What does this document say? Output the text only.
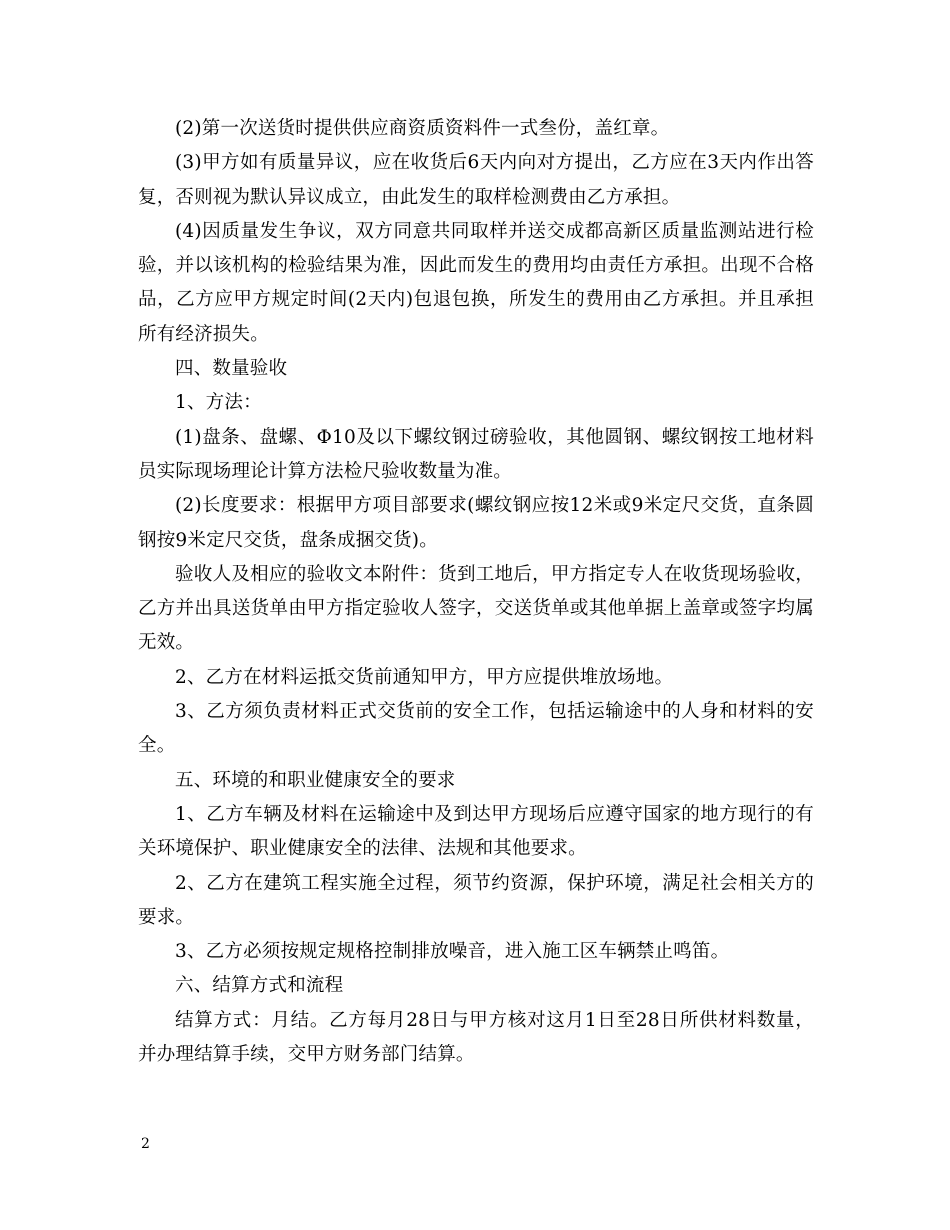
(2)第一次送货时提供供应商资质资料件一式叁份，盖红章。

(3)甲方如有质量异议，应在收货后6天内向对方提出，乙方应在3天内作出答复，否则视为默认异议成立，由此发生的取样检测费由乙方承担。

(4)因质量发生争议，双方同意共同取样并送交成都高新区质量监测站进行检验，并以该机构的检验结果为准，因此而发生的费用均由责任方承担。出现不合格品，乙方应甲方规定时间(2天内)包退包换，所发生的费用由乙方承担。并且承担所有经济损失。

四、数量验收

1、方法：

(1)盘条、盘螺、Φ10及以下螺纹钢过磅验收，其他圆钢、螺纹钢按工地材料员实际现场理论计算方法检尺验收数量为准。

(2)长度要求：根据甲方项目部要求(螺纹钢应按12米或9米定尺交货，直条圆钢按9米定尺交货，盘条成捆交货)。

验收人及相应的验收文本附件：货到工地后，甲方指定专人在收货现场验收，乙方并出具送货单由甲方指定验收人签字，交送货单或其他单据上盖章或签字均属无效。

2、乙方在材料运抵交货前通知甲方，甲方应提供堆放场地。

3、乙方须负责材料正式交货前的安全工作，包括运输途中的人身和材料的安全。

五、环境的和职业健康安全的要求

1、乙方车辆及材料在运输途中及到达甲方现场后应遵守国家的地方现行的有关环境保护、职业健康安全的法律、法规和其他要求。

2、乙方在建筑工程实施全过程，须节约资源，保护环境，满足社会相关方的要求。

3、乙方必须按规定规格控制排放噪音，进入施工区车辆禁止鸣笛。

六、结算方式和流程

结算方式：月结。乙方每月28日与甲方核对这月1日至28日所供材料数量，并办理结算手续，交甲方财务部门结算。

2
